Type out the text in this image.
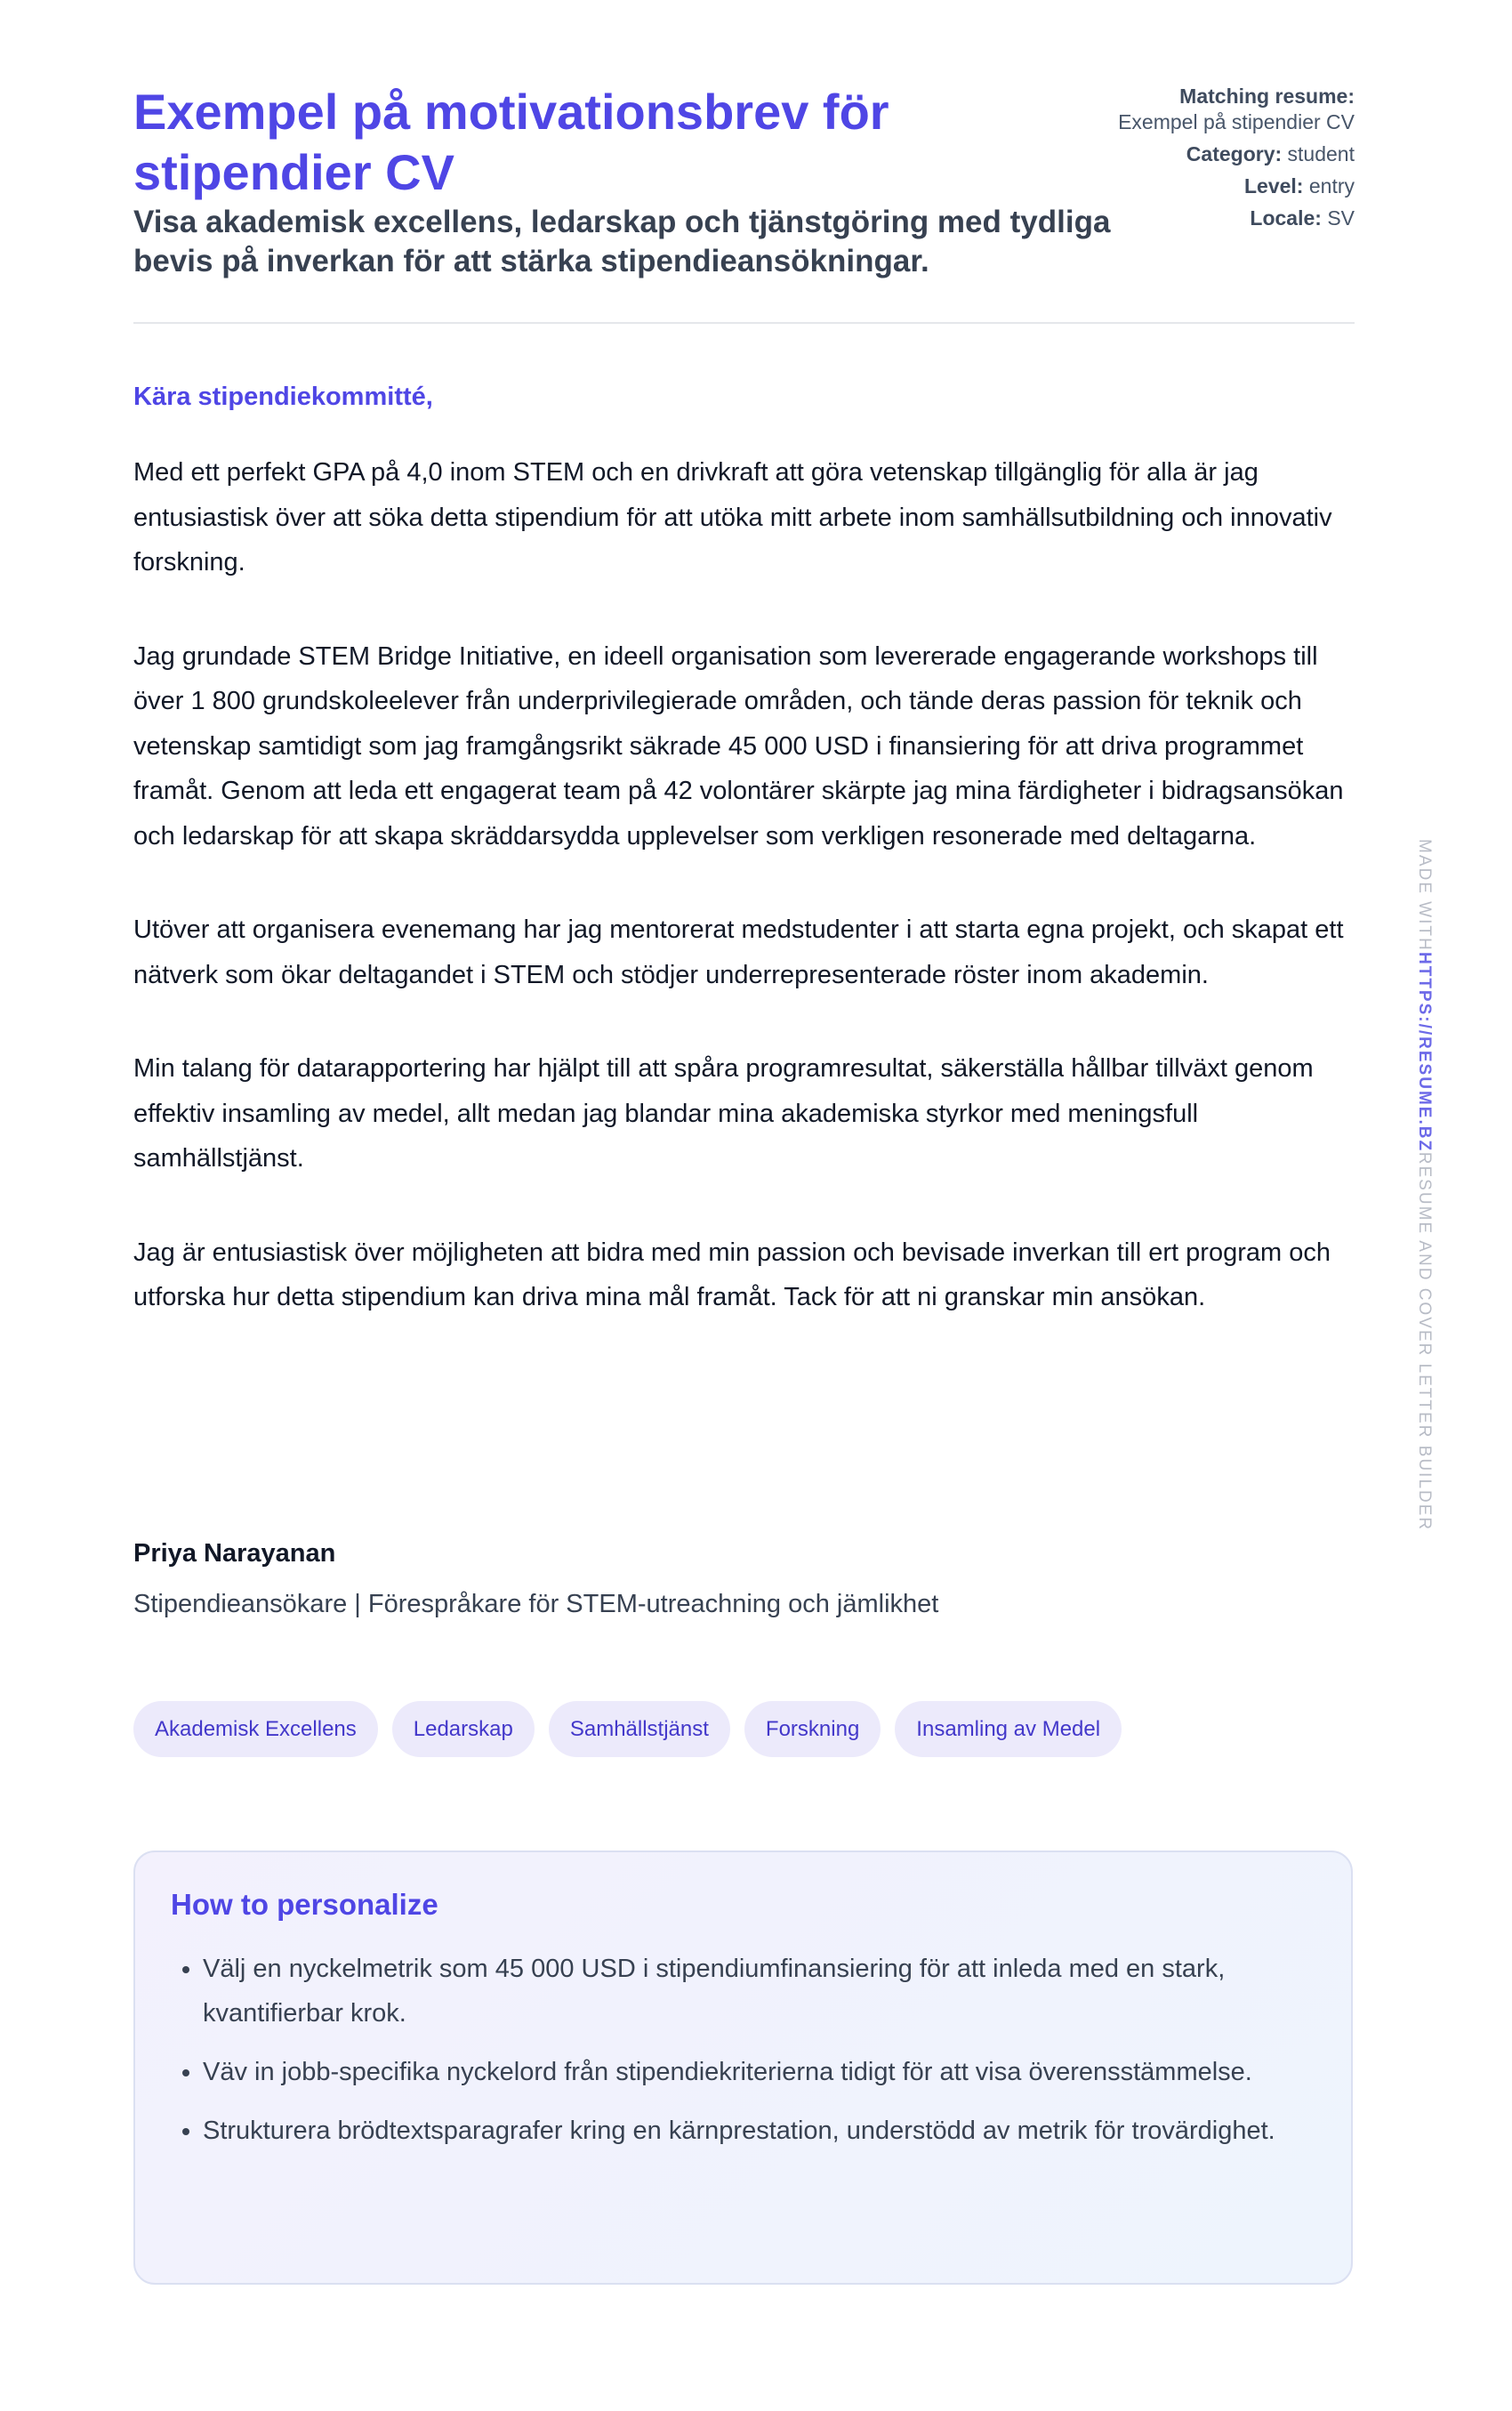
Exempel på motivationsbrev för stipendier CV
Visa akademisk excellens, ledarskap och tjänstgöring med tydliga bevis på inverkan för att stärka stipendieansökningar.
Matching resume:
Exempel på stipendier CV
Category: student
Level: entry
Locale: SV
Kära stipendiekommitté,

Med ett perfekt GPA på 4,0 inom STEM och en drivkraft att göra vetenskap tillgänglig för alla är jag entusiastisk över att söka detta stipendium för att utöka mitt arbete inom samhällsutbildning och innovativ forskning.

Jag grundade STEM Bridge Initiative, en ideell organisation som levererade engagerande workshops till över 1 800 grundskoleelever från underprivilegierade områden, och tände deras passion för teknik och vetenskap samtidigt som jag framgångsrikt säkrade 45 000 USD i finansiering för att driva programmet framåt. Genom att leda ett engagerat team på 42 volontärer skärpte jag mina färdigheter i bidragsansökan och ledarskap för att skapa skräddarsydda upplevelser som verkligen resonerade med deltagarna.

Utöver att organisera evenemang har jag mentorerat medstudenter i att starta egna projekt, och skapat ett nätverk som ökar deltagandet i STEM och stödjer underrepresenterade röster inom akademin.

Min talang för datarapportering har hjälpt till att spåra programresultat, säkerställa hållbar tillväxt genom effektiv insamling av medel, allt medan jag blandar mina akademiska styrkor med meningsfull samhällstjänst.

Jag är entusiastisk över möjligheten att bidra med min passion och bevisade inverkan till ert program och utforska hur detta stipendium kan driva mina mål framåt. Tack för att ni granskar min ansökan.

Priya Narayanan
Stipendieansökare | Förespråkare för STEM-utreachning och jämlikhet
Akademisk Excellens	Ledarskap	Samhällstjänst	Forskning	Insamling av Medel
How to personalize
• Välj en nyckelmetrik som 45 000 USD i stipendiumfinansiering för att inleda med en stark, kvantifierbar krok.
• Väv in jobb-specifika nyckelord från stipendiekriterierna tidigt för att visa överensstämmelse.
• Strukturera brödtextsparagrafer kring en kärnprestation, understödd av metrik för trovärdighet.
MADE WITHHTTPS://RESUME.BZRESUME AND COVER LETTER BUILDER
